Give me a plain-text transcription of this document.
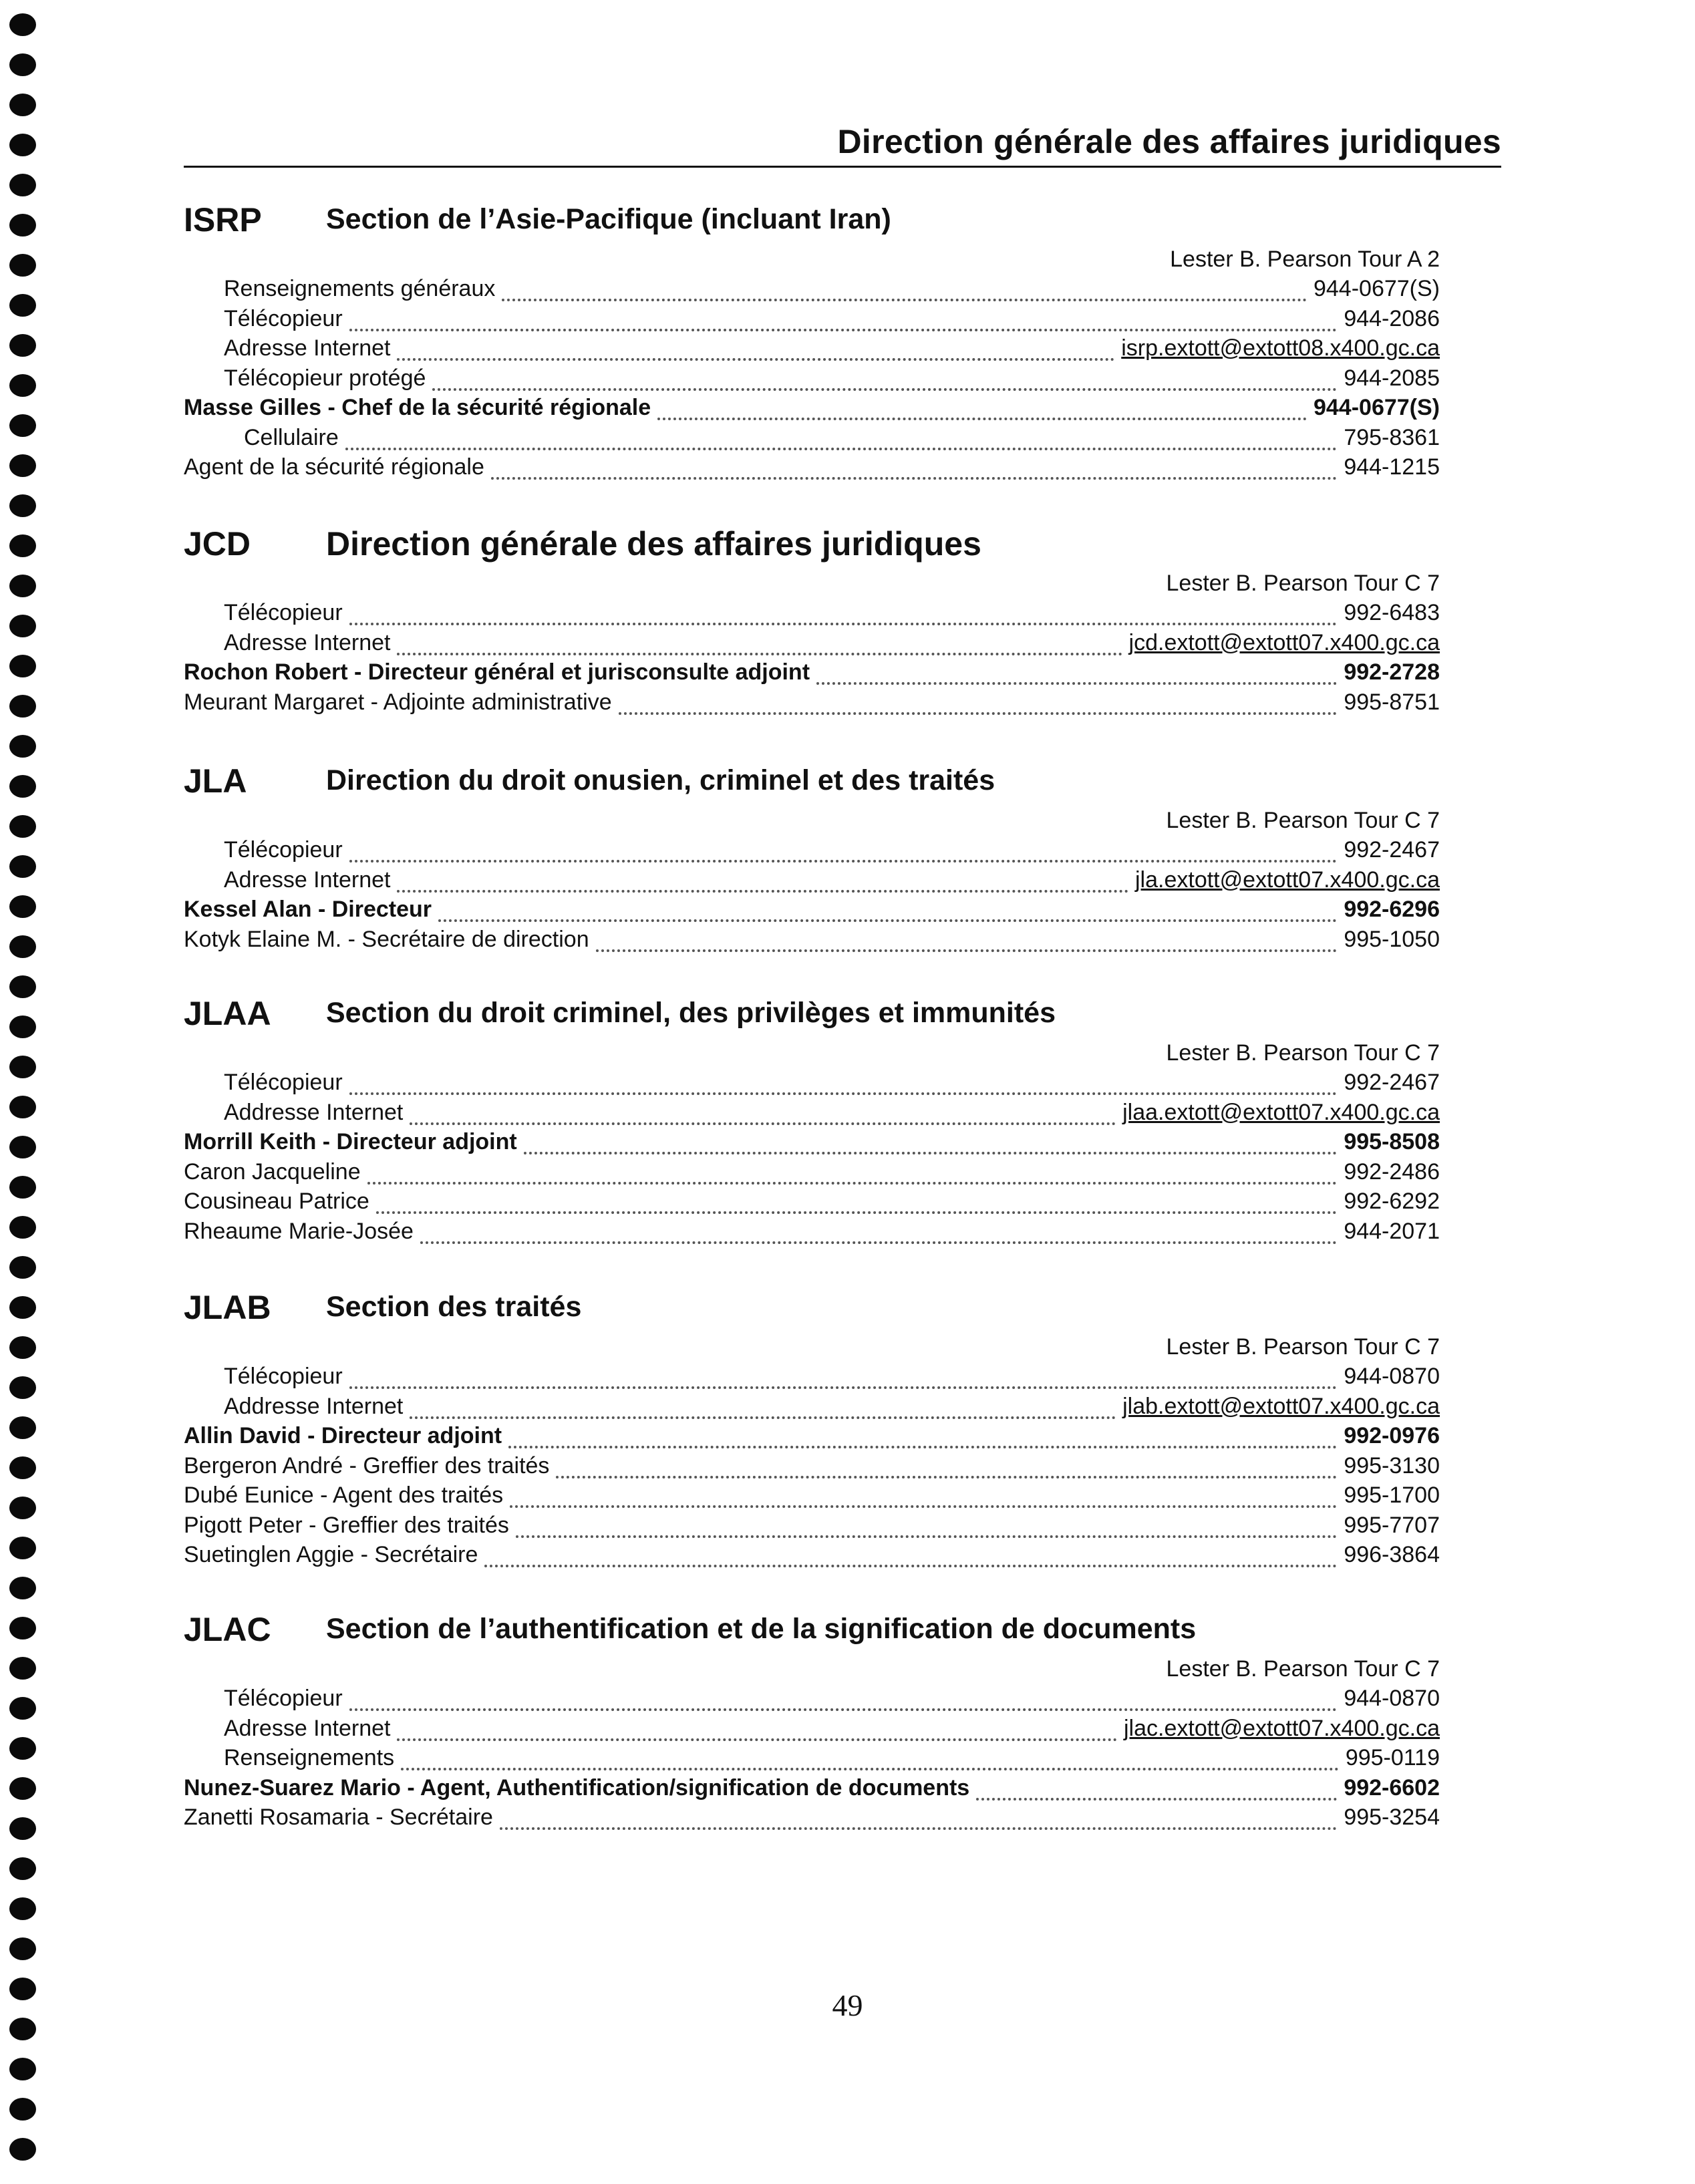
Direction générale des affaires juridiques
ISRP Section de l’Asie-Pacifique (incluant Iran)
Lester B. Pearson Tour A 2
Renseignements généraux	944-0677(S)
Télécopieur	944-2086
Adresse Internet	isrp.extott@extott08.x400.gc.ca
Télécopieur protégé	944-2085
Masse Gilles - Chef de la sécurité régionale	944-0677(S)
Cellulaire	795-8361
Agent de la sécurité régionale	944-1215
JCD Direction générale des affaires juridiques
Lester B. Pearson Tour C 7
Télécopieur	992-6483
Adresse Internet	jcd.extott@extott07.x400.gc.ca
Rochon Robert - Directeur général et jurisconsulte adjoint	992-2728
Meurant Margaret - Adjointe administrative	995-8751
JLA	Direction du droit onusien, criminel et des traités
Lester B. Pearson Tour C 7
Télécopieur	992-2467
Adresse Internet	jla.extott@extott07.x400.gc.ca
Kessel Alan - Directeur	992-6296
Kotyk Elaine M. - Secrétaire de direction	995-1050
JLAA Section du droit criminel, des privilèges et immunités
Lester B. Pearson Tour C 7
Télécopieur	992-2467
Addresse Internet	jlaa.extott@extott07.x400.gc.ca
Morrill Keith - Directeur adjoint	995-8508
Caron Jacqueline	992-2486
Cousineau Patrice	992-6292
Rheaume Marie-Josée	944-2071
JLAB Section des traités
Lester B. Pearson Tour C 7
Télécopieur	944-0870
Addresse Internet	jlab.extott@extott07.x400.gc.ca
Allin David - Directeur adjoint	992-0976
Bergeron André - Greffier des traités	995-3130
Dubé Eunice - Agent des traités	995-1700
Pigott Peter - Greffier des traités	995-7707
Suetinglen Aggie - Secrétaire	996-3864
JLAC Section de l’authentification et de la signification de documents
Lester B. Pearson Tour C 7
Télécopieur	944-0870
Adresse Internet	jlac.extott@extott07.x400.gc.ca
Renseignements	995-0119
Nunez-Suarez Mario - Agent, Authentification/signification de documents	992-6602
Zanetti Rosamaria - Secrétaire	995-3254
49
